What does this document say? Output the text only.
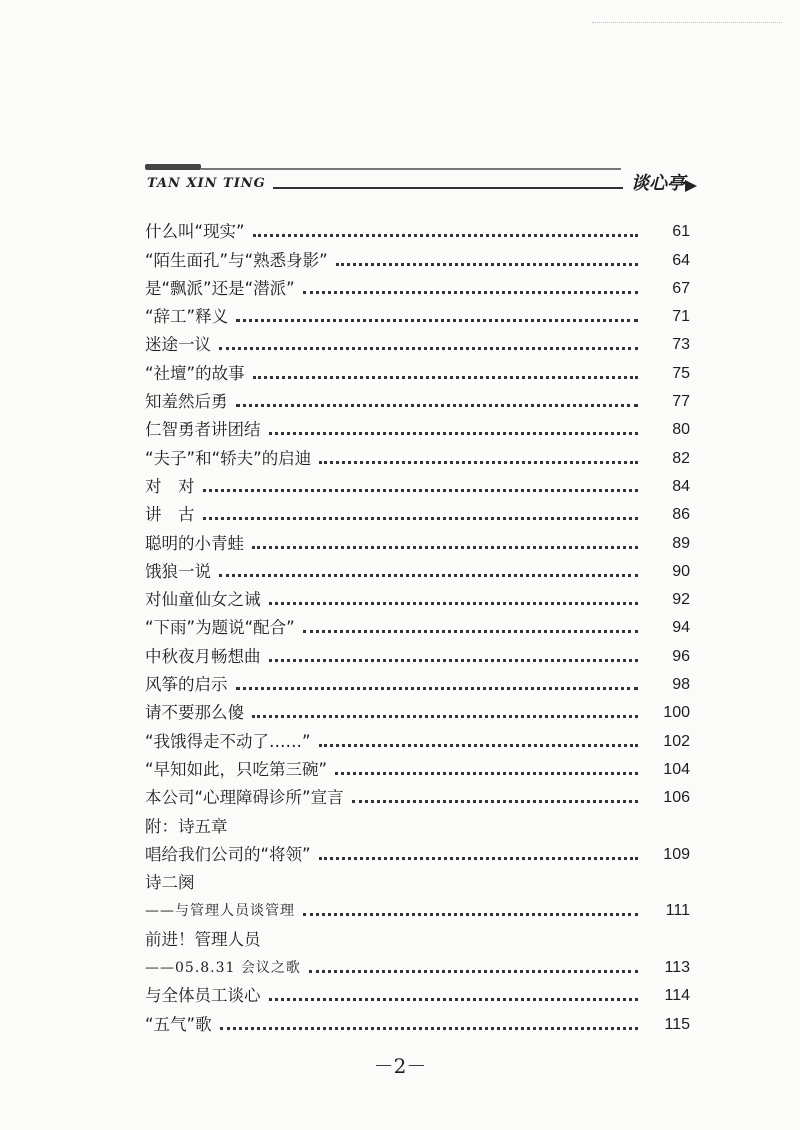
TAN XIN TING	谈心亭
什么叫“现实”	61
“陌生面孔”与“熟悉身影”	64
是“飘派”还是“潜派”	67
“辞工”释义	71
迷途一议	73
“社壇”的故事	75
知羞然后勇	77
仁智勇者讲团结	80
“夫子”和“轿夫”的启迪	82
对　对	84
讲　古	86
聪明的小青蛙	89
饿狼一说	90
对仙童仙女之诫	92
“下雨”为题说“配合”	94
中秋夜月畅想曲	96
风筝的启示	98
请不要那么傻	100
“我饿得走不动了……”	102
“早知如此，只吃第三碗”	104
本公司“心理障碍诊所”宣言	106
附：诗五章
唱给我们公司的“将领”	109
诗二阕
——与管理人员谈管理	111
前进！管理人员
——05.8.31 会议之歌	113
与全体员工谈心	114
“五气”歌	115
－2－
